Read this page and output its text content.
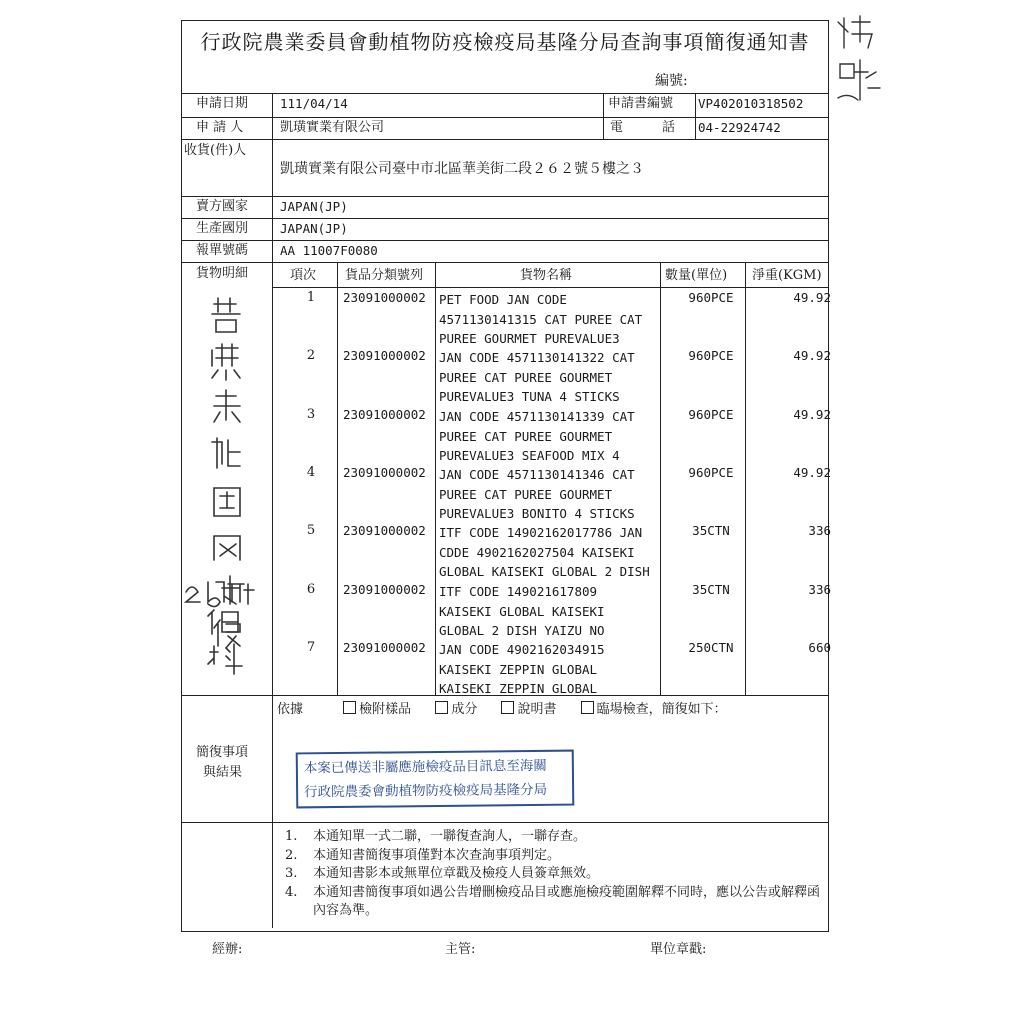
行政院農業委員會動植物防疫檢疫局基隆分局查詢事項簡復通知書
編號:
申請日期	111/04/14	申請書編號 VP402010318502
申 請 人	凱璜實業有限公司	電　　　話 04-22924742
收貨(件)人
凱璜實業有限公司臺中市北區華美街二段２６２號５樓之３
賣方國家	JAPAN(JP)
生產國別	JAPAN(JP)
報單號碼	AA 11007F0080
貨物明細	項次 貨品分類號列	貨物名稱	數量(單位) 淨重(KGM)
1	23091000002 PET FOOD JAN CODE
4571130141315 CAT PUREE CAT
PUREE GOURMET PUREVALUE3
960PCE	49.92
2	23091000002 JAN CODE 4571130141322 CAT
PUREE CAT PUREE GOURMET
PUREVALUE3 TUNA 4 STICKS
960PCE	49.92
3	23091000002 JAN CODE 4571130141339 CAT
PUREE CAT PUREE GOURMET
PUREVALUE3 SEAFOOD MIX 4
960PCE	49.92
4	23091000002 JAN CODE 4571130141346 CAT
PUREE CAT PUREE GOURMET
PUREVALUE3 BONITO 4 STICKS
960PCE	49.92
5	23091000002 ITF CODE 14902162017786 JAN
CDDE 4902162027504 KAISEKI
GLOBAL KAISEKI GLOBAL 2 DISH
35CTN	336
6	23091000002 ITF CODE 149021617809
KAISEKI GLOBAL KAISEKI
GLOBAL 2 DISH YAIZU NO
35CTN	336
7	23091000002 JAN CODE 4902162034915
KAISEKI ZEPPIN GLOBAL
KAISEKI ZEPPIN GLOBAL
250CTN	660
依據	檢附樣品	成分	說明書	臨場檢查，簡復如下：
簡復事項
與結果	本案已傳送非屬應施檢疫品目訊息至海關
行政院農委會動植物防疫檢疫局基隆分局
1.	本通知單一式二聯，一聯復查詢人，一聯存查。
2.	本通知書簡復事項僅對本次查詢事項判定。
3.	本通知書影本或無單位章戳及檢疫人員簽章無效。
4.	本通知書簡復事項如遇公告增刪檢疫品目或應施檢疫範圍解釋不同時，應以公告或解釋函內容為準。
經辦:	主管:	單位章戳:
